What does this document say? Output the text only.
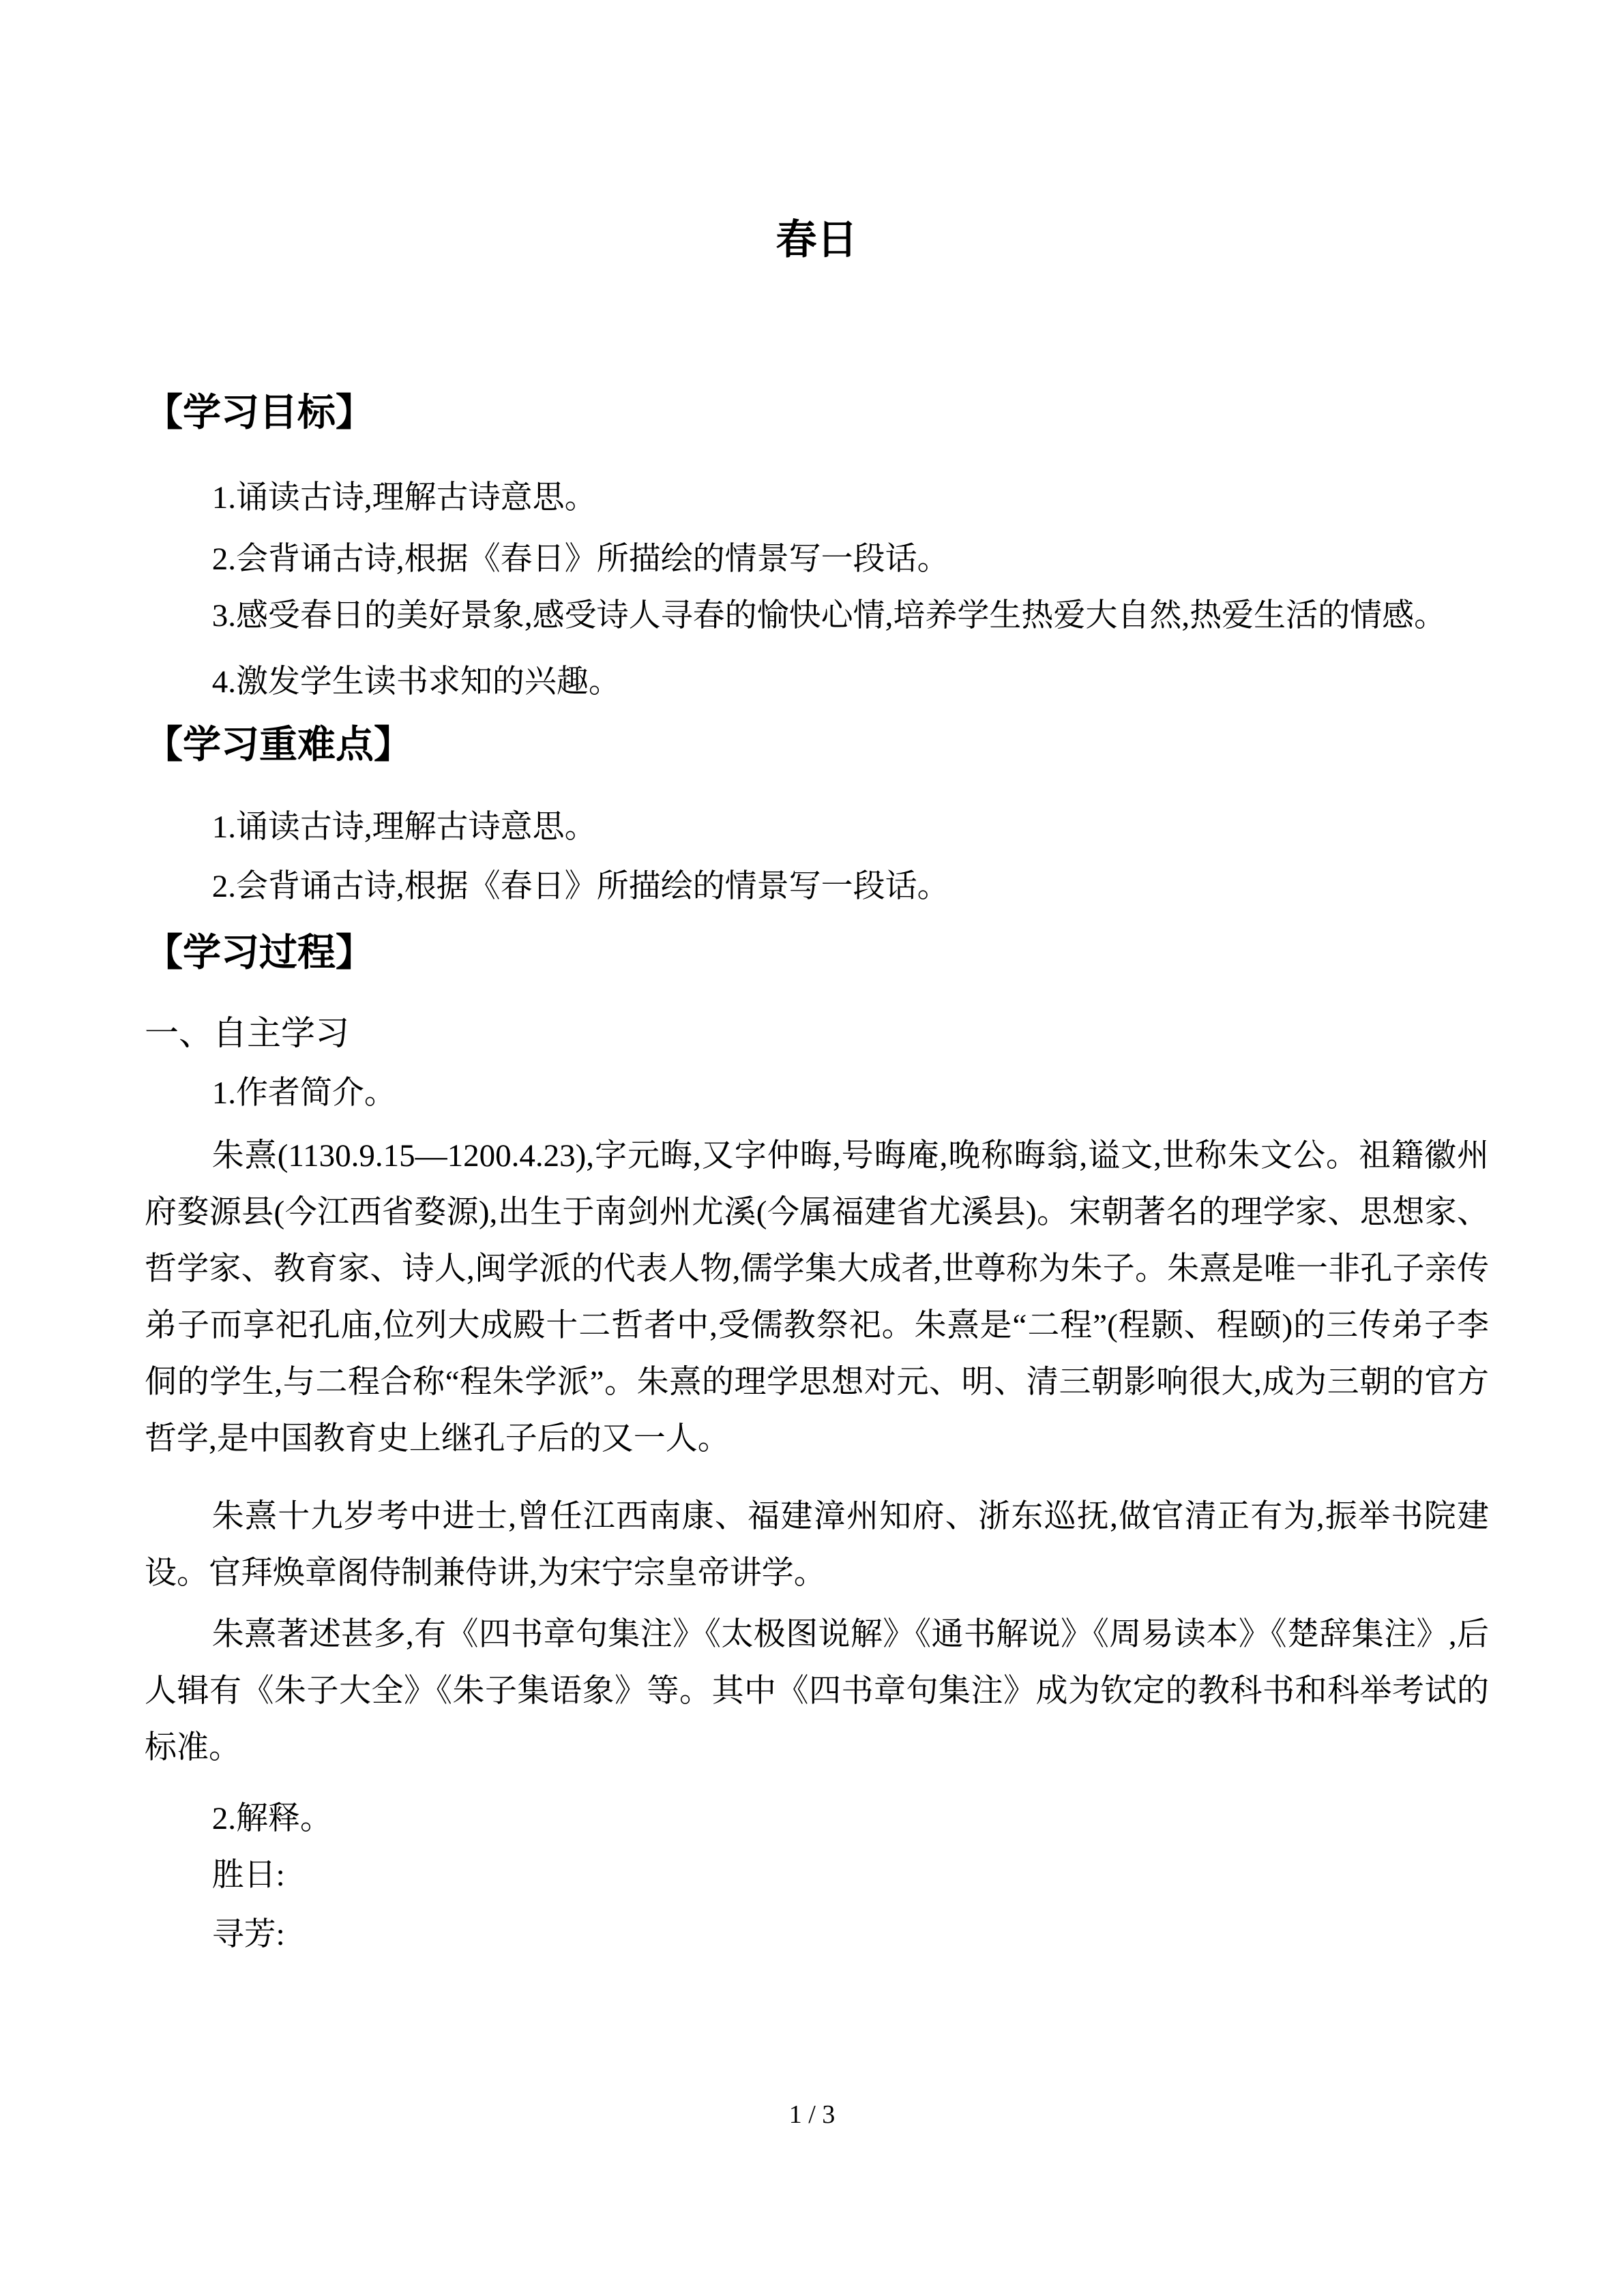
春日
【学习目标】
1.诵读古诗,理解古诗意思。
2.会背诵古诗,根据《春日》所描绘的情景写一段话。
3.感受春日的美好景象,感受诗人寻春的愉快心情,培养学生热爱大自然,热爱生活的情感。
4.激发学生读书求知的兴趣。
【学习重难点】
1.诵读古诗,理解古诗意思。
2.会背诵古诗,根据《春日》所描绘的情景写一段话。
【学习过程】
一、自主学习
1.作者简介。
朱熹(1130.9.15—1200.4.23),字元晦,又字仲晦,号晦庵,晚称晦翁,谥文,世称朱文公。祖籍徽州府婺源县(今江西省婺源),出生于南剑州尤溪(今属福建省尤溪县)。宋朝著名的理学家、思想家、哲学家、教育家、诗人,闽学派的代表人物,儒学集大成者,世尊称为朱子。朱熹是唯一非孔子亲传弟子而享祀孔庙,位列大成殿十二哲者中,受儒教祭祀。朱熹是“二程”(程颢、程颐)的三传弟子李侗的学生,与二程合称“程朱学派”。朱熹的理学思想对元、明、清三朝影响很大,成为三朝的官方哲学,是中国教育史上继孔子后的又一人。
朱熹十九岁考中进士,曾任江西南康、福建漳州知府、浙东巡抚,做官清正有为,振举书院建设。官拜焕章阁侍制兼侍讲,为宋宁宗皇帝讲学。
朱熹著述甚多,有《四书章句集注》《太极图说解》《通书解说》《周易读本》《楚辞集注》,后人辑有《朱子大全》《朱子集语象》等。其中《四书章句集注》成为钦定的教科书和科举考试的标准。
2.解释。
胜日:
寻芳:
1 / 3
